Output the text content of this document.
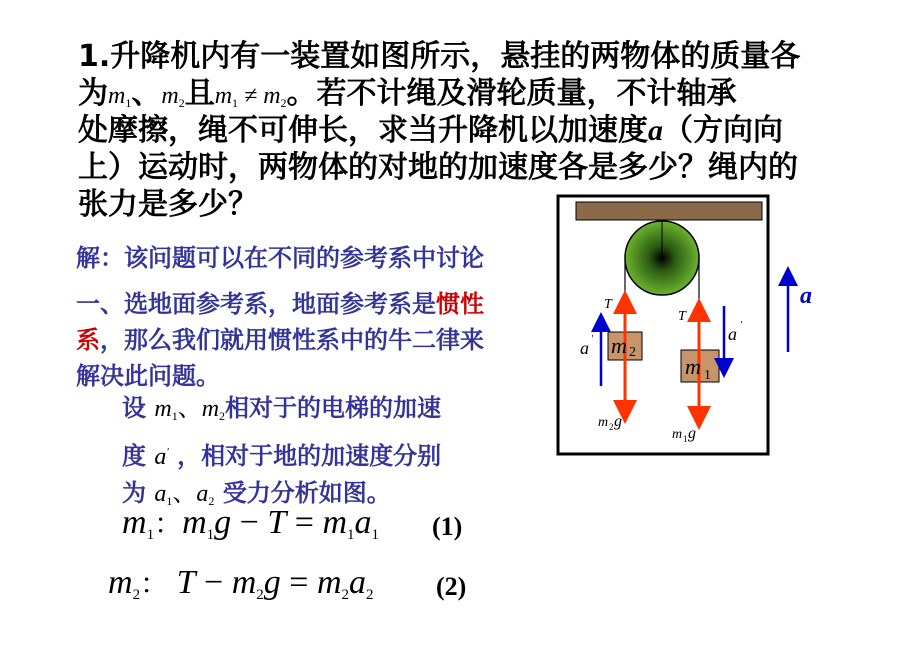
1.升降机内有一装置如图所示，悬挂的两物体的质量各
为$m_1$、$m_2$且$m_1 \ne m_2$。若不计绳及滑轮质量，不计轴承
处摩擦，绳不可伸长，求当升降机以加速度a（方向向
上）运动时，两物体的对地的加速度各是多少？绳内的
张力是多少？
解：该问题可以在不同的参考系中讨论
一、选地面参考系，地面参考系是惯性
系，那么我们就用惯性系中的牛二律来
解决此问题。
设 $m_1$、$m_2$相对于的电梯的加速
度 a' ，相对于地的加速度分别
为 $a_1$、$a_2$ 受力分析如图。
m1：m1g − T = m1a1 (1)
m2： T − m2g = m2a2 (2)
T
T
a '	a '
m 2
m 1
m 2 g
m 1 g
a
